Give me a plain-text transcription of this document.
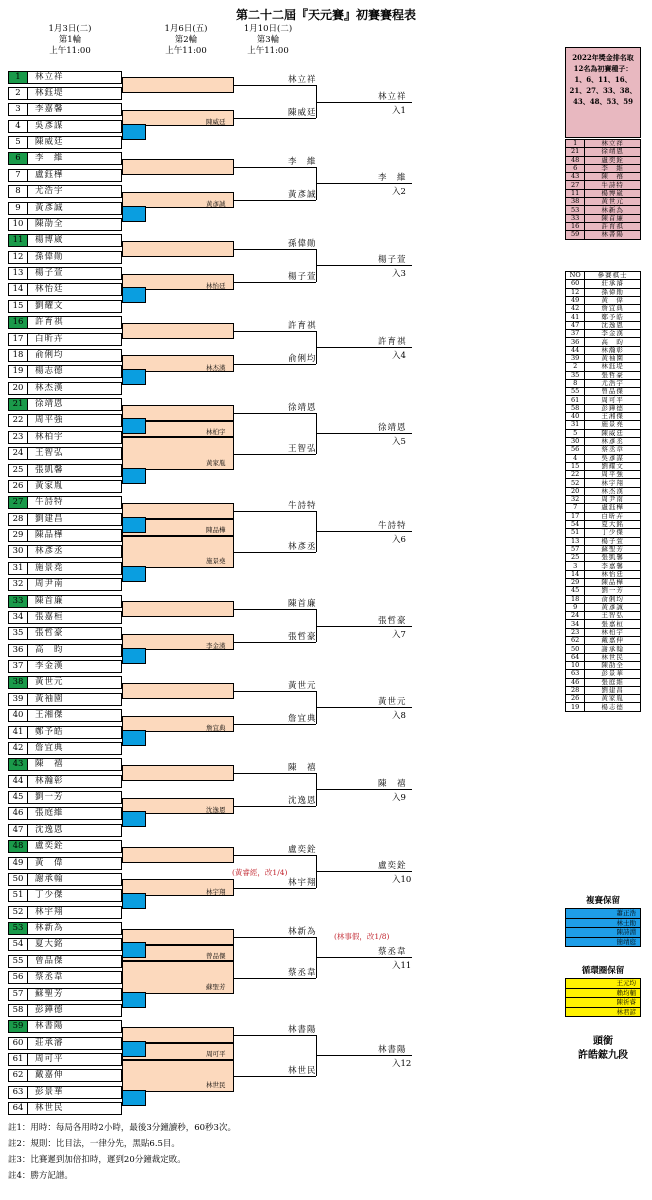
第二十二屆『天元賽』初賽賽程表
1月3日(二)
第1輪
上午11:00
1月6日(五)
第2輪
上午11:00
1月10日(二)
第3輪
上午11:00
1	林立祥
2	林鈺堤
3	李嘉馨
4	吳彥謀
5	陳威廷
陳威廷
林立祥
陳威廷
林立祥
入1
6	李　維
7	盧鈺樺
8	尤浩宇
9	黃彥誠
10	陳劭全
黃彥誠
李　維
黃彥誠
李　維
入2
11	楊博崴
12	孫偉勛
13	楊子萱
14	林怡廷
15	劉耀文
林怡廷
孫偉勛
楊子萱
楊子萱
入3
16	許育祺
17	白昕卉
18	俞俐均
19	楊志德
20	林杰漢
林杰漢
許育祺
俞俐均
許育祺
入4
21	徐靖恩
22	周平強
23	林柏宇
24	王智弘
25	張凱馨
26	黃家胤
林柏宇
黃家胤
徐靖恩
王智弘
徐靖恩
入5
27	牛詩特
28	劉建昌
29	陳品樺
30	林彥丞
31	施景堯
32	周尹南
陳品樺
施景堯
牛詩特
林彥丞
牛詩特
入6
33	陳首廉
34	張嘉桓
35	張哲豪
36	高　昀
37	李金漢
李金漢
陳首廉
張哲豪
張哲豪
入7
38	黃世元
39	黃袖園
40	王湘傑
41	鄭予皓
42	詹宜典
詹宜典
黃世元
詹宜典
黃世元
入8
43	陳　禧
44	林瀚彰
45	劉一芳
46	張庭維
47	沈逸恩
沈逸恩
陳　禧
沈逸恩
陳　禧
入9
48	盧奕銓
49	黃　偉
50	謝承翰
51	丁少傑
52	林宇翔
林宇翔
盧奕銓
林宇翔
盧奕銓
入10
(黃睿經，改1/4)
53	林新為
54	夏大銘
55	曾品傑
56	蔡丞韋
57	蘇聖芳
58	彭鏵德
曾品傑
蘇聖芳
林新為
蔡丞韋
蔡丞韋
入11
(林事假，改1/8)
59	林書陽
60	莊承濬
61	周可平
62	戴嘉伸
63	彭景華
64	林世民
周可平
林世民
林書陽
林世民
林書陽
入12
2022年獎金排名取12名為初賽種子：1、6、11、16、21、27、33、38、43、48、53、59
1	林立祥
21	徐靖恩
48	盧奕銓
6	李　維
43	陳　禧
27	牛詩特
11	楊博崴
38	黃世元
53	林新為
33	陳首廉
16	許育祺
59	林書陽
NO	參賽棋士
60	莊承濬
12	孫偉勛
49	黃　偉
42	詹宜典
41	鄭予皓
47	沈逸恩
37	李金漢
36	高　昀
44	林瀚彰
39	黃袖園
2	林鈺堤
35	張哲豪
8	尤浩宇
55	曾品傑
61	周可平
58	彭鏵德
40	王湘傑
31	施景堯
5	陳威廷
30	林彥丞
56	蔡丞韋
4	吳彥謀
15	劉耀文
22	周平強
52	林宇翔
20	林杰漢
32	周尹南
7	盧鈺樺
17	白昕卉
54	夏大銘
51	丁少傑
13	楊子萱
57	蘇聖芳
25	張凱馨
3	李嘉馨
14	林怡廷
29	陳品樺
45	劉一芳
18	俞俐均
9	黃彥誠
24	王智弘
34	張嘉桓
23	林柏宇
62	戴嘉伸
50	謝承翰
64	林世民
10	陳劭全
63	彭景華
46	張庭維
28	劉建昌
26	黃家胤
19	楊志德
複賽保留
蕭正浩
林士勛
陳詩淵
簡靖庭
循環圈保留
王元均
賴均輔
陳祈睿
林君諺
頭銜
許皓鋐九段
註1：用時：每局各用時2小時，最後3分鐘讀秒，60秒3次。
註2：規則：比目法，一律分先，黑貼6.5目。
註3：比賽遲到加倍扣時，遲到20分鐘裁定敗。
註4：勝方記譜。
